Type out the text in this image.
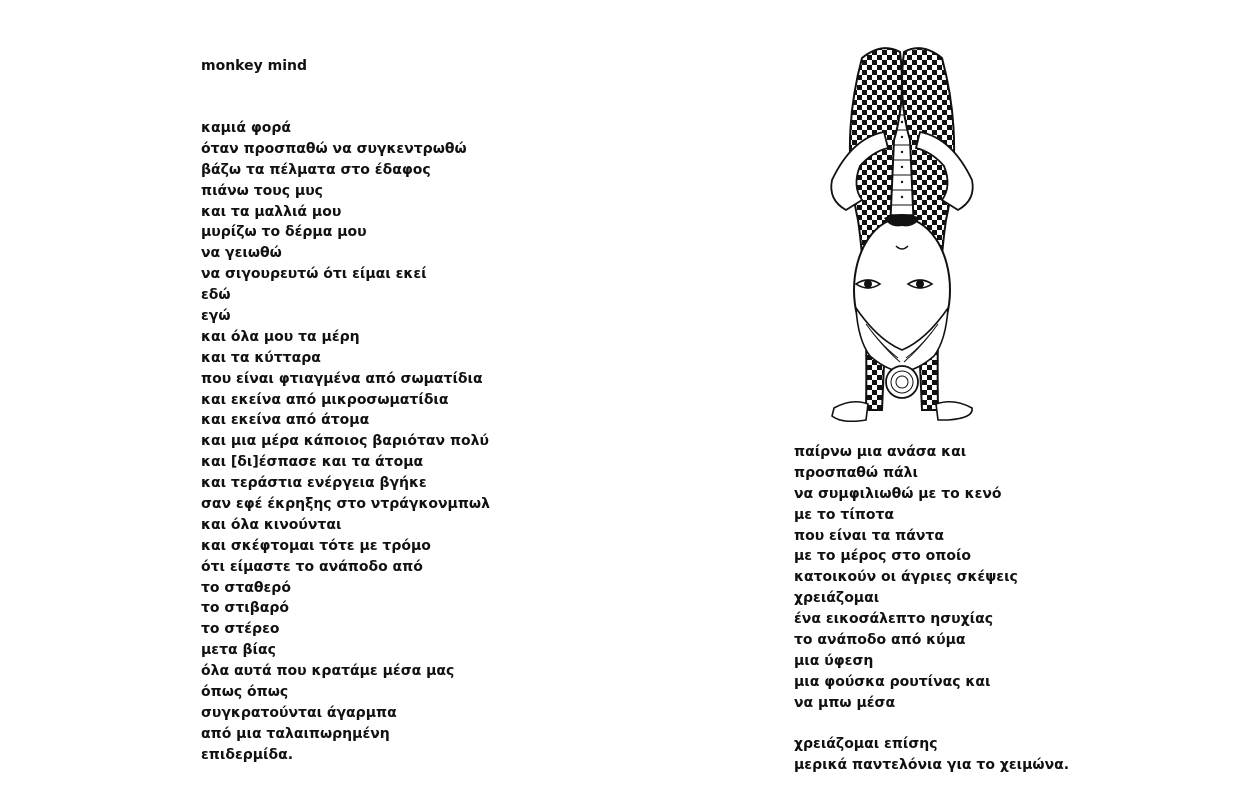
monkey mind
καμιά φορά
όταν προσπαθώ να συγκεντρωθώ
βάζω τα πέλματα στο έδαφος
πιάνω τους μυς
και τα μαλλιά μου
μυρίζω το δέρμα μου
να γειωθώ
να σιγουρευτώ ότι είμαι εκεί
εδώ
εγώ
και όλα μου τα μέρη
και τα κύτταρα
που είναι φτιαγμένα από σωματίδια
και εκείνα από μικροσωματίδια
και εκείνα από άτομα
και μια μέρα κάποιος βαριόταν πολύ
και [δι]έσπασε και τα άτομα
και τεράστια ενέργεια βγήκε
σαν εφέ έκρηξης στο ντράγκονμπωλ
και όλα κινούνται
και σκέφτομαι τότε με τρόμο
ότι είμαστε το ανάποδο από
το σταθερό
το στιβαρό
το στέρεο
μετα βίας
όλα αυτά που κρατάμε μέσα μας
όπως όπως
συγκρατούνται άγαρμπα
από μια ταλαιπωρημένη
επιδερμίδα.
παίρνω μια ανάσα και
προσπαθώ πάλι
να συμφιλιωθώ με το κενό
με το τίποτα
που είναι τα πάντα
με το μέρος στο οποίο
κατοικούν οι άγριες σκέψεις
χρειάζομαι
ένα εικοσάλεπτο ησυχίας
το ανάποδο από κύμα
μια ύφεση
μια φούσκα ρουτίνας και
να μπω μέσα
χρειάζομαι επίσης
μερικά παντελόνια για το χειμώνα.
